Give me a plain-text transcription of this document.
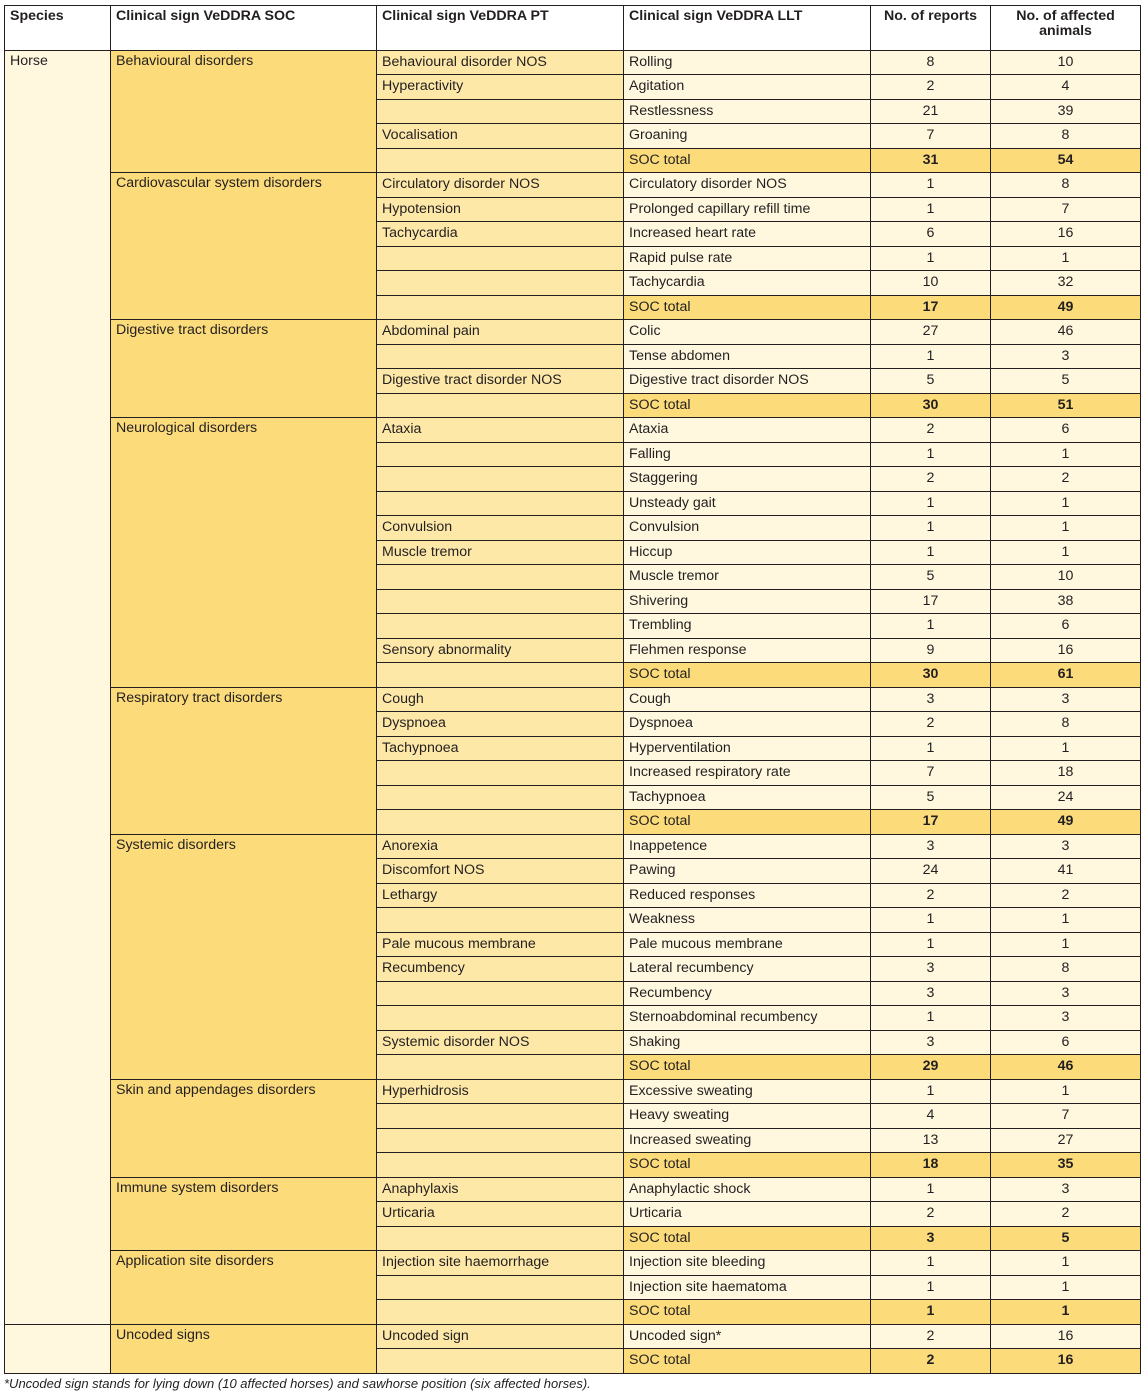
Species	Clinical sign VeDDRA SOC	Clinical sign VeDDRA PT	Clinical sign VeDDRA LLT	No. of reports	No. of affected animals
Horse	Behavioural disorders	Behavioural disorder NOS	Rolling	8	10
		Hyperactivity	Agitation	2	4
			Restlessness	21	39
		Vocalisation	Groaning	7	8
			SOC total	31	54
	Cardiovascular system disorders	Circulatory disorder NOS	Circulatory disorder NOS	1	8
		Hypotension	Prolonged capillary refill time	1	7
		Tachycardia	Increased heart rate	6	16
			Rapid pulse rate	1	1
			Tachycardia	10	32
			SOC total	17	49
	Digestive tract disorders	Abdominal pain	Colic	27	46
			Tense abdomen	1	3
		Digestive tract disorder NOS	Digestive tract disorder NOS	5	5
			SOC total	30	51
	Neurological disorders	Ataxia	Ataxia	2	6
			Falling	1	1
			Staggering	2	2
			Unsteady gait	1	1
		Convulsion	Convulsion	1	1
		Muscle tremor	Hiccup	1	1
			Muscle tremor	5	10
			Shivering	17	38
			Trembling	1	6
		Sensory abnormality	Flehmen response	9	16
			SOC total	30	61
	Respiratory tract disorders	Cough	Cough	3	3
		Dyspnoea	Dyspnoea	2	8
		Tachypnoea	Hyperventilation	1	1
			Increased respiratory rate	7	18
			Tachypnoea	5	24
			SOC total	17	49
	Systemic disorders	Anorexia	Inappetence	3	3
		Discomfort NOS	Pawing	24	41
		Lethargy	Reduced responses	2	2
			Weakness	1	1
		Pale mucous membrane	Pale mucous membrane	1	1
		Recumbency	Lateral recumbency	3	8
			Recumbency	3	3
			Sternoabdominal recumbency	1	3
		Systemic disorder NOS	Shaking	3	6
			SOC total	29	46
	Skin and appendages disorders	Hyperhidrosis	Excessive sweating	1	1
			Heavy sweating	4	7
			Increased sweating	13	27
			SOC total	18	35
	Immune system disorders	Anaphylaxis	Anaphylactic shock	1	3
		Urticaria	Urticaria	2	2
			SOC total	3	5
	Application site disorders	Injection site haemorrhage	Injection site bleeding	1	1
			Injection site haematoma	1	1
			SOC total	1	1
	Uncoded signs	Uncoded sign	Uncoded sign*	2	16
			SOC total	2	16
*Uncoded sign stands for lying down (10 affected horses) and sawhorse position (six affected horses).
